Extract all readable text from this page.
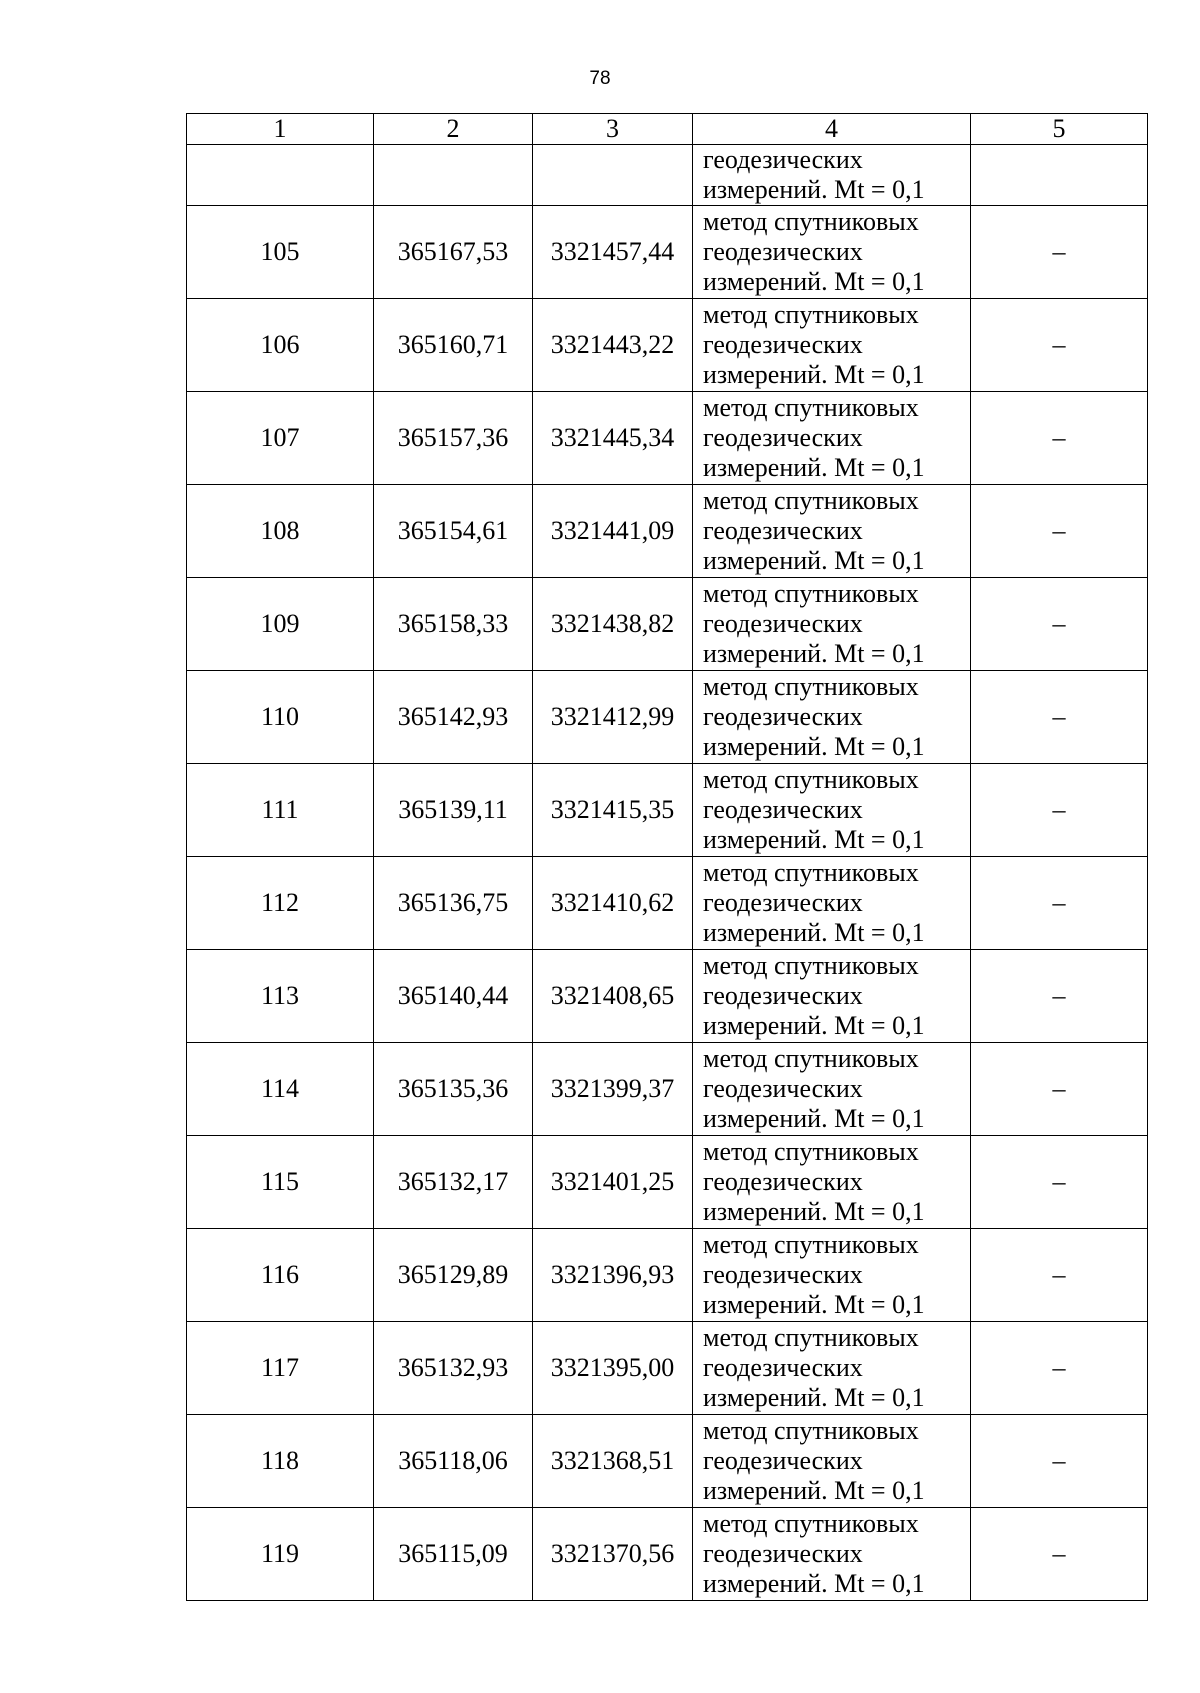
78
1	2	3	4	5
			геодезических
измерений. Mt = 0,1	
105	365167,53	3321457,44	метод спутниковых
геодезических
измерений. Mt = 0,1	–
106	365160,71	3321443,22	метод спутниковых
геодезических
измерений. Mt = 0,1	–
107	365157,36	3321445,34	метод спутниковых
геодезических
измерений. Mt = 0,1	–
108	365154,61	3321441,09	метод спутниковых
геодезических
измерений. Mt = 0,1	–
109	365158,33	3321438,82	метод спутниковых
геодезических
измерений. Mt = 0,1	–
110	365142,93	3321412,99	метод спутниковых
геодезических
измерений. Mt = 0,1	–
111	365139,11	3321415,35	метод спутниковых
геодезических
измерений. Mt = 0,1	–
112	365136,75	3321410,62	метод спутниковых
геодезических
измерений. Mt = 0,1	–
113	365140,44	3321408,65	метод спутниковых
геодезических
измерений. Mt = 0,1	–
114	365135,36	3321399,37	метод спутниковых
геодезических
измерений. Mt = 0,1	–
115	365132,17	3321401,25	метод спутниковых
геодезических
измерений. Mt = 0,1	–
116	365129,89	3321396,93	метод спутниковых
геодезических
измерений. Mt = 0,1	–
117	365132,93	3321395,00	метод спутниковых
геодезических
измерений. Mt = 0,1	–
118	365118,06	3321368,51	метод спутниковых
геодезических
измерений. Mt = 0,1	–
119	365115,09	3321370,56	метод спутниковых
геодезических
измерений. Mt = 0,1	–
